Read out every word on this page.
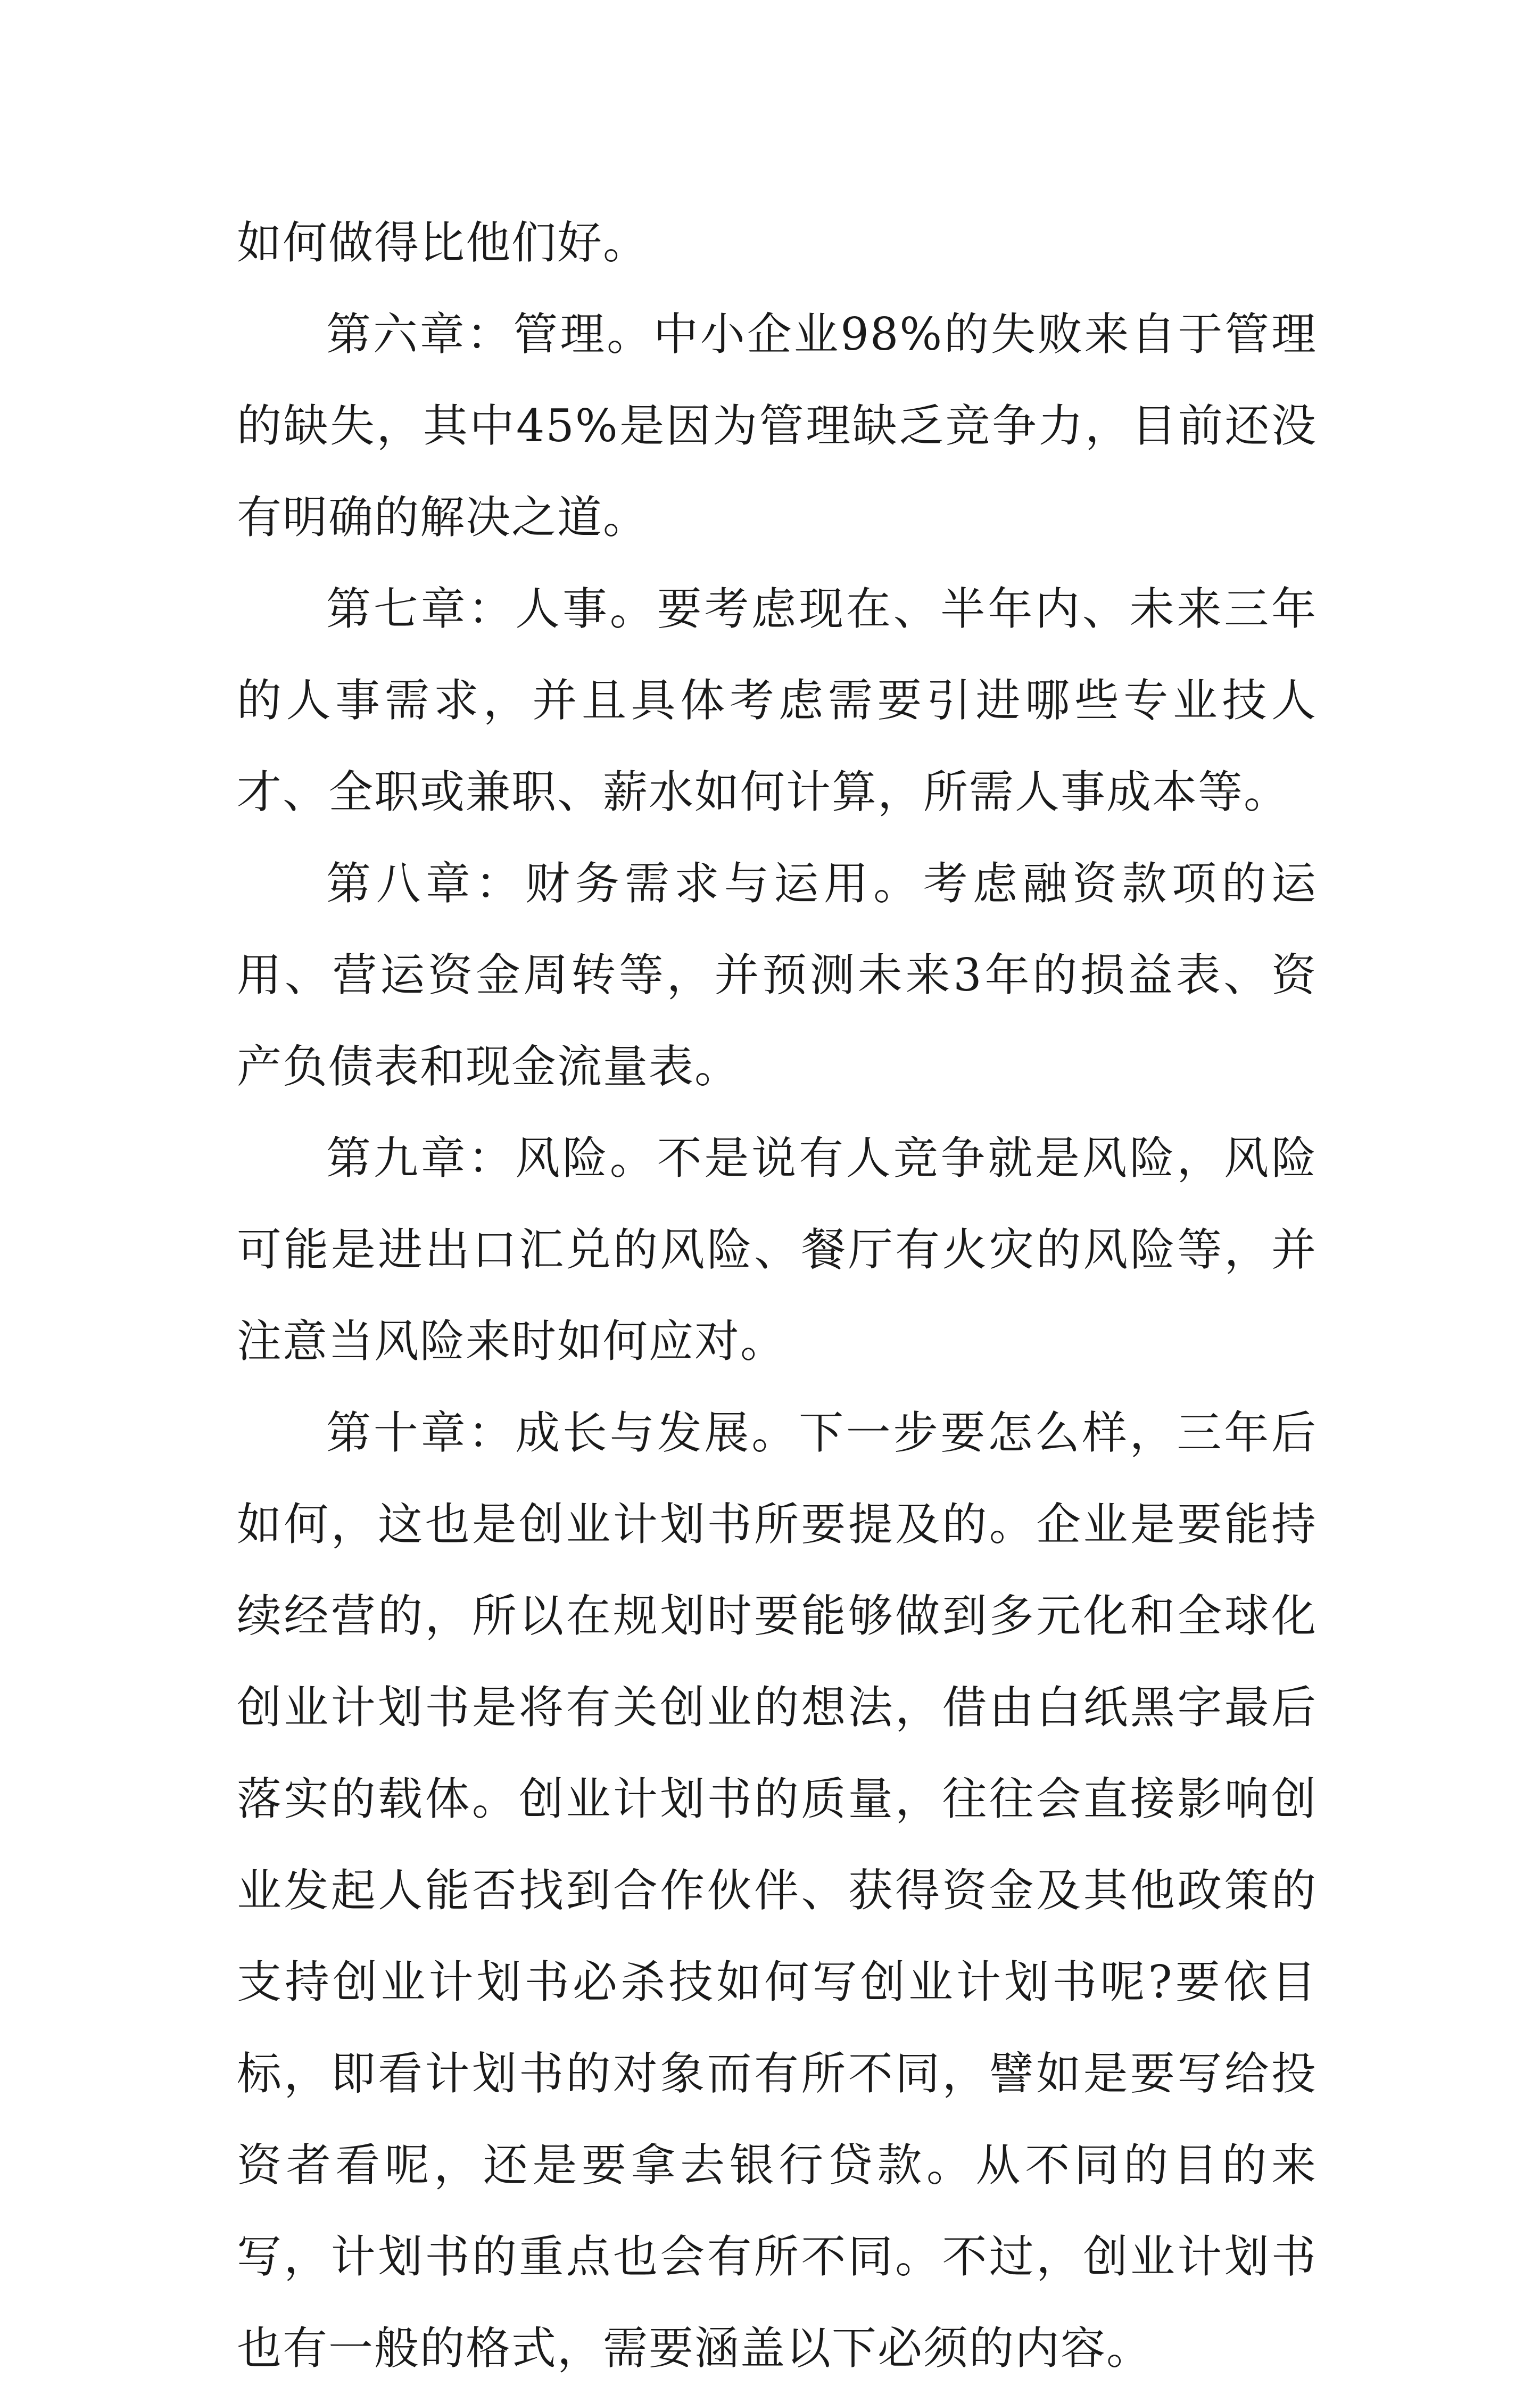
如何做得比他们好。

第六章：管理。中小企业98%的失败来自于管理的缺失，其中45%是因为管理缺乏竞争力，目前还没有明确的解决之道。

第七章：人事。要考虑现在、半年内、未来三年的人事需求，并且具体考虑需要引进哪些专业技人才、全职或兼职、薪水如何计算，所需人事成本等。

第八章：财务需求与运用。考虑融资款项的运用、营运资金周转等，并预测未来3年的损益表、资产负债表和现金流量表。

第九章：风险。不是说有人竞争就是风险，风险可能是进出口汇兑的风险、餐厅有火灾的风险等，并注意当风险来时如何应对。

第十章：成长与发展。下一步要怎么样，三年后如何，这也是创业计划书所要提及的。企业是要能持续经营的，所以在规划时要能够做到多元化和全球化创业计划书是将有关创业的想法，借由白纸黑字最后落实的载体。创业计划书的质量，往往会直接影响创业发起人能否找到合作伙伴、获得资金及其他政策的支持创业计划书必杀技如何写创业计划书呢?要依目标，即看计划书的对象而有所不同，譬如是要写给投资者看呢，还是要拿去银行贷款。从不同的目的来写，计划书的重点也会有所不同。不过，创业计划书也有一般的格式，需要涵盖以下必须的内容。
